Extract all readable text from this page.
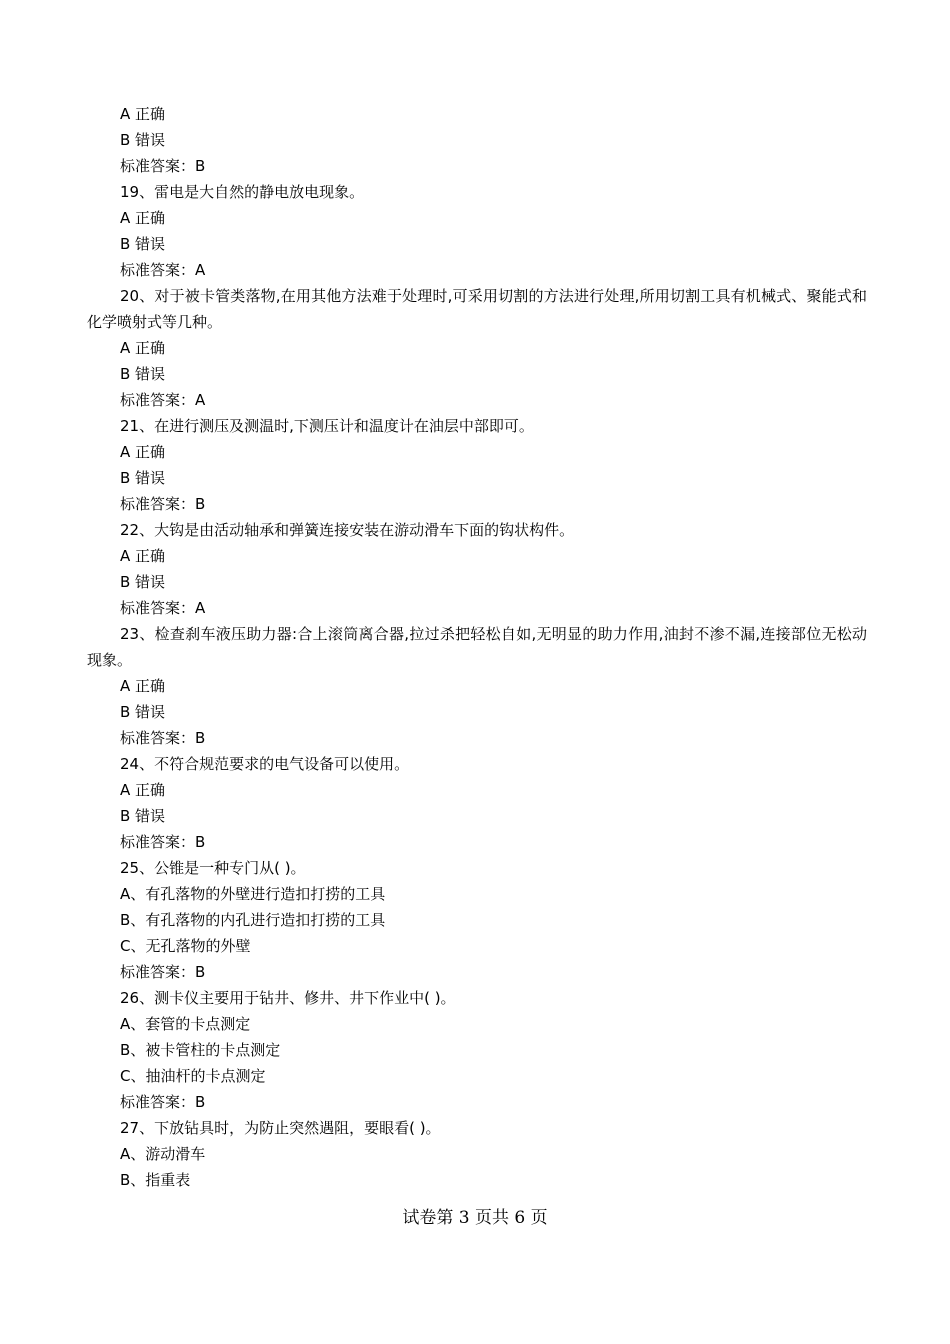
A 正确
B 错误
标准答案：B
19、雷电是大自然的静电放电现象。
A 正确
B 错误
标准答案：A
20、对于被卡管类落物,在用其他方法难于处理时,可采用切割的方法进行处理,所用切割工具有机械式、聚能式和化学喷射式等几种。
A 正确
B 错误
标准答案：A
21、在进行测压及测温时,下测压计和温度计在油层中部即可。
A 正确
B 错误
标准答案：B
22、大钩是由活动轴承和弹簧连接安装在游动滑车下面的钩状构件。
A 正确
B 错误
标准答案：A
23、检查刹车液压助力器:合上滚筒离合器,拉过杀把轻松自如,无明显的助力作用,油封不渗不漏,连接部位无松动现象。
A 正确
B 错误
标准答案：B
24、不符合规范要求的电气设备可以使用。
A 正确
B 错误
标准答案：B
25、公锥是一种专门从( )。
A、有孔落物的外壁进行造扣打捞的工具
B、有孔落物的内孔进行造扣打捞的工具
C、无孔落物的外壁
标准答案：B
26、测卡仪主要用于钻井、修井、井下作业中( )。
A、套管的卡点测定
B、被卡管柱的卡点测定
C、抽油杆的卡点测定
标准答案：B
27、下放钻具时，为防止突然遇阻，要眼看( )。
A、游动滑车
B、指重表
试卷第 3 页共 6 页
